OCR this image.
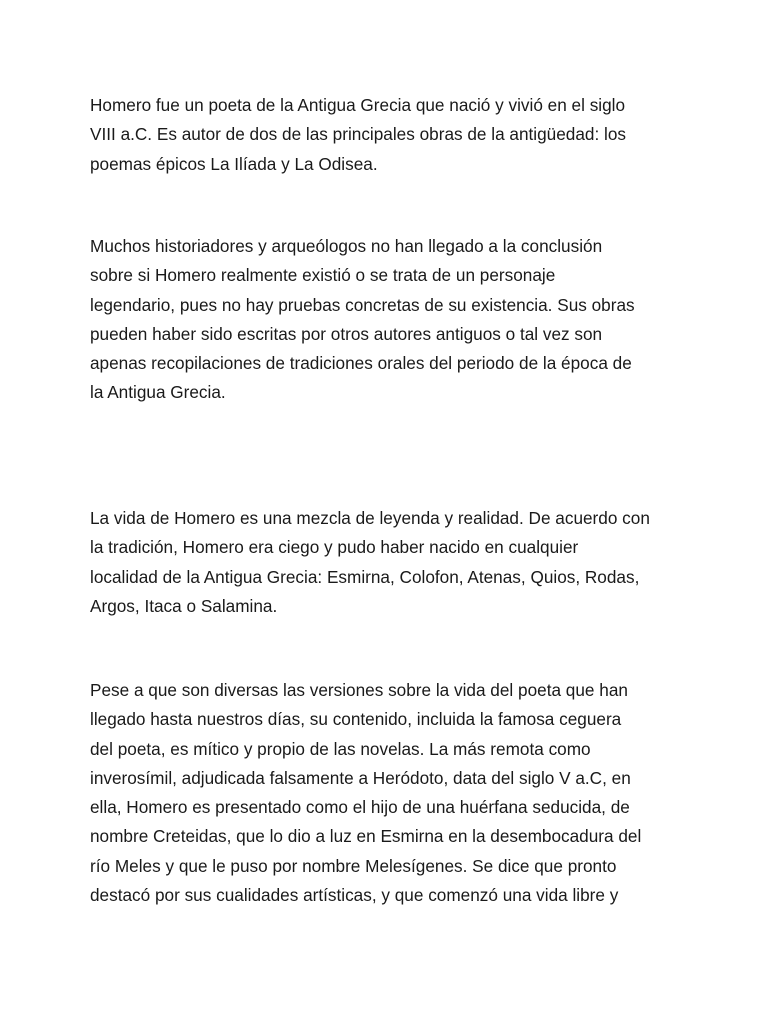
Homero fue un poeta de la Antigua Grecia que nació y vivió en el siglo
VIII a.C. Es autor de dos de las principales obras de la antigüedad: los
poemas épicos La Ilíada y La Odisea.

Muchos historiadores y arqueólogos no han llegado a la conclusión
sobre si Homero realmente existió o se trata de un personaje
legendario, pues no hay pruebas concretas de su existencia. Sus obras
pueden haber sido escritas por otros autores antiguos o tal vez son
apenas recopilaciones de tradiciones orales del periodo de la época de
la Antigua Grecia.

La vida de Homero es una mezcla de leyenda y realidad. De acuerdo con
la tradición, Homero era ciego y pudo haber nacido en cualquier
localidad de la Antigua Grecia: Esmirna, Colofon, Atenas, Quios, Rodas,
Argos, Itaca o Salamina.

Pese a que son diversas las versiones sobre la vida del poeta que han
llegado hasta nuestros días, su contenido, incluida la famosa ceguera
del poeta, es mítico y propio de las novelas. La más remota como
inverosímil, adjudicada falsamente a Heródoto, data del siglo V a.C, en
ella, Homero es presentado como el hijo de una huérfana seducida, de
nombre Creteidas, que lo dio a luz en Esmirna en la desembocadura del
río Meles y que le puso por nombre Melesígenes. Se dice que pronto
destacó por sus cualidades artísticas, y que comenzó una vida libre y
